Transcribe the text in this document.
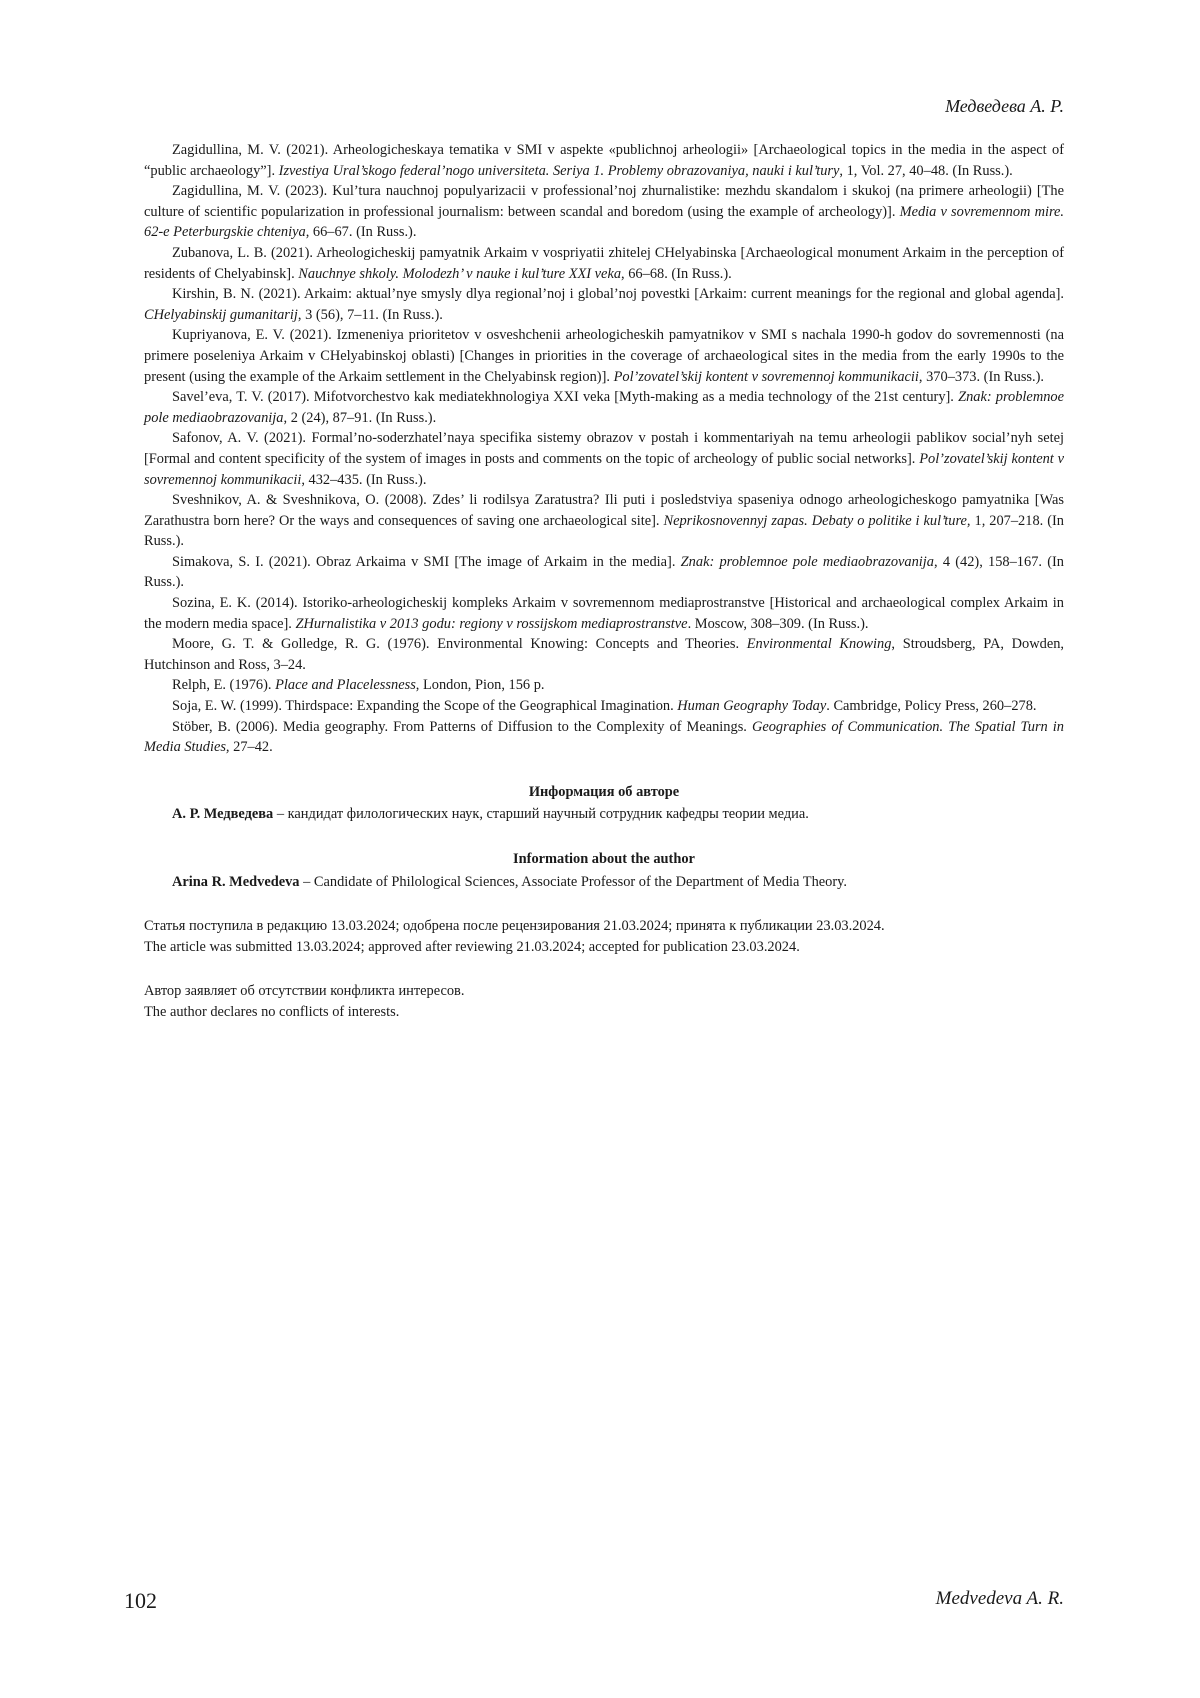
Медведева А. Р.

Zagidullina, M. V. (2021). Arheologicheskaya tematika v SMI v aspekte «publichnoj arheologii» [Archaeological topics in the media in the aspect of “public archaeology”]. Izvestiya Ural’skogo federal’nogo universiteta. Seriya 1. Problemy obrazovaniya, nauki i kul’tury, 1, Vol. 27, 40–48. (In Russ.).

Zagidullina, M. V. (2023). Kul’tura nauchnoj populyarizacii v professional’noj zhurnalistike: mezhdu skandalom i skukoj (na primere arheologii) [The culture of scientific popularization in professional journalism: between scandal and boredom (using the example of archeology)]. Media v sovremennom mire. 62-e Peterburgskie chteniya, 66–67. (In Russ.).

Zubanova, L. B. (2021). Arheologicheskij pamyatnik Arkaim v vospriyatii zhitelej CHelyabinska [Archaeological monument Arkaim in the perception of residents of Chelyabinsk]. Nauchnye shkoly. Molodezh’ v nauke i kul’ture XXI veka, 66–68. (In Russ.).

Kirshin, B. N. (2021). Arkaim: aktual’nye smysly dlya regional’noj i global’noj povestki [Arkaim: current meanings for the regional and global agenda]. CHelyabinskij gumanitarij, 3 (56), 7–11. (In Russ.).

Kupriyanova, E. V. (2021). Izmeneniya prioritetov v osveshchenii arheologicheskih pamyatnikov v SMI s nachala 1990-h godov do sovremennosti (na primere poseleniya Arkaim v CHelyabinskoj oblasti) [Changes in priorities in the coverage of archaeological sites in the media from the early 1990s to the present (using the example of the Arkaim settlement in the Chelyabinsk region)]. Pol’zovatel’skij kontent v sovremennoj kommunikacii, 370–373. (In Russ.).

Savel’eva, T. V. (2017). Mifotvorchestvo kak mediatekhnologiya XXI veka [Myth-making as a media technology of the 21st century]. Znak: problemnoe pole mediaobrazovanija, 2 (24), 87–91. (In Russ.).

Safonov, A. V. (2021). Formal’no-soderzhatel’naya specifika sistemy obrazov v postah i kommentariyah na temu arheologii pablikov social’nyh setej [Formal and content specificity of the system of images in posts and comments on the topic of archeology of public social networks]. Pol’zovatel’skij kontent v sovremennoj kommunikacii, 432–435. (In Russ.).

Sveshnikov, A. & Sveshnikova, O. (2008). Zdes’ li rodilsya Zaratustra? Ili puti i posledstviya spaseniya odnogo arheologicheskogo pamyatnika [Was Zarathustra born here? Or the ways and consequences of saving one archaeological site]. Neprikosnovennyj zapas. Debaty o politike i kul’ture, 1, 207–218. (In Russ.).

Simakova, S. I. (2021). Obraz Arkaima v SMI [The image of Arkaim in the media]. Znak: problemnoe pole mediaobrazovanija, 4 (42), 158–167. (In Russ.).

Sozina, E. K. (2014). Istoriko-arheologicheskij kompleks Arkaim v sovremennom mediaprostranstve [Historical and archaeological complex Arkaim in the modern media space]. ZHurnalistika v 2013 godu: regiony v rossijskom mediaprostranstve. Moscow, 308–309. (In Russ.).

Moore, G. T. & Golledge, R. G. (1976). Environmental Knowing: Concepts and Theories. Environmental Knowing, Stroudsberg, PA, Dowden, Hutchinson and Ross, 3–24.

Relph, E. (1976). Place and Placelessness, London, Pion, 156 p.

Soja, E. W. (1999). Thirdspace: Expanding the Scope of the Geographical Imagination. Human Geography Today. Cambridge, Policy Press, 260–278.

Stöber, B. (2006). Media geography. From Patterns of Diffusion to the Complexity of Meanings. Geographies of Communication. The Spatial Turn in Media Studies, 27–42.

Информация об авторе

А. Р. Медведева – кандидат филологических наук, старший научный сотрудник кафедры теории медиа.

Information about the author

Arina R. Medvedeva – Candidate of Philological Sciences, Associate Professor of the Department of Media Theory.

Статья поступила в редакцию 13.03.2024; одобрена после рецензирования 21.03.2024; принята к публикации 23.03.2024.

The article was submitted 13.03.2024; approved after reviewing 21.03.2024; accepted for publication 23.03.2024.

Автор заявляет об отсутствии конфликта интересов.

The author declares no conflicts of interests.

102	Medvedeva A. R.
